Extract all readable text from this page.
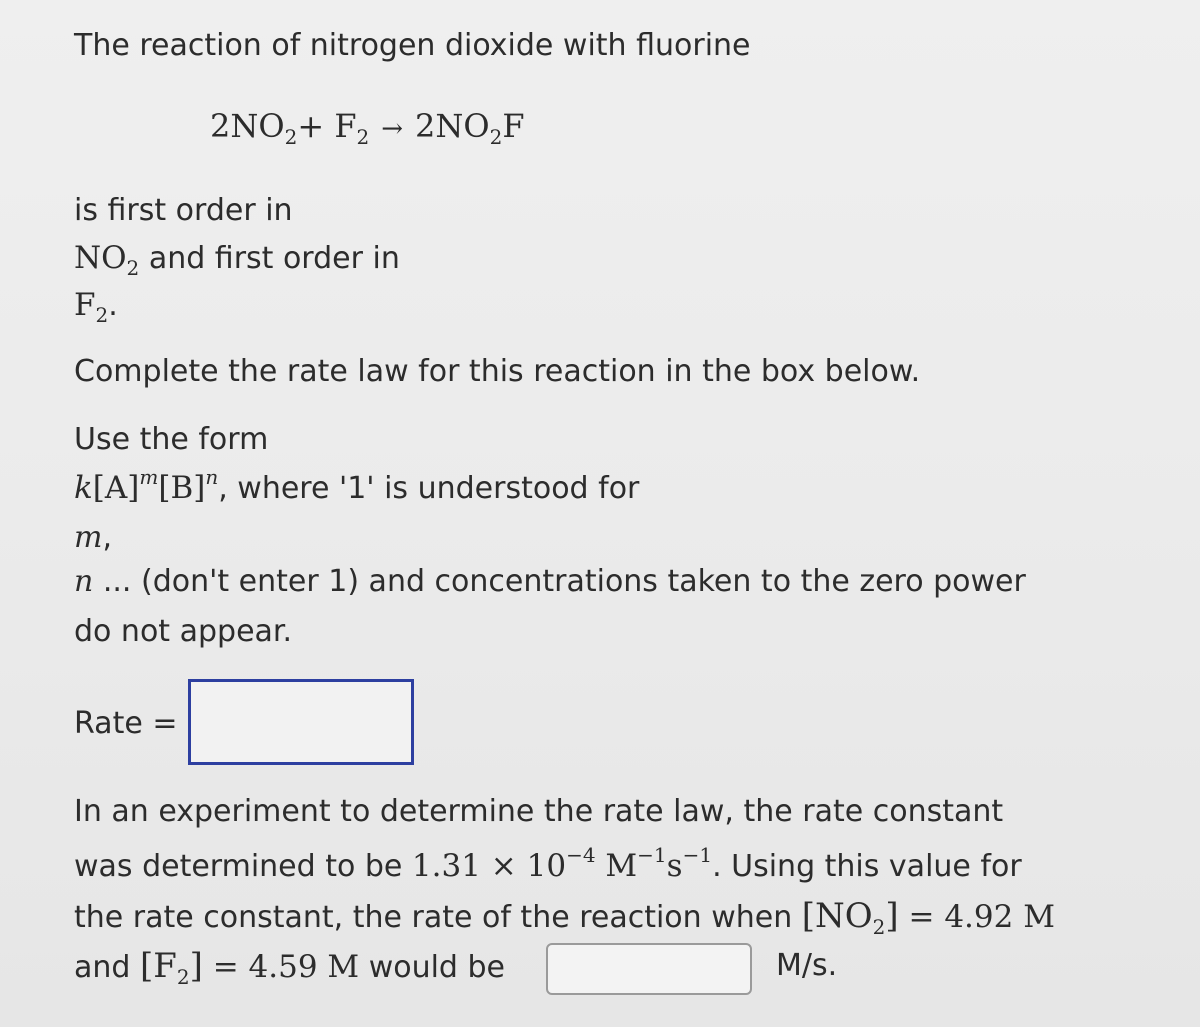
The reaction of nitrogen dioxide with fluorine
$2NO_2+ F_2 \to 2NO_2F$
is first order in
$NO_2$ and first order in
$F_2$.
Complete the rate law for this reaction in the box below.
Use the form
$k[A]^m[B]^n$, where '1' is understood for
m,
n ... (don't enter 1) and concentrations taken to the zero power
do not appear.
Rate =
In an experiment to determine the rate law, the rate constant
was determined to be $1.31 \times 10^{-4}$ $M^{-1}s^{-1}$. Using this value for
the rate constant, the rate of the reaction when $[NO_2] = 4.92$ M
and $[F_2] = 4.59$ M would be	M/s.
